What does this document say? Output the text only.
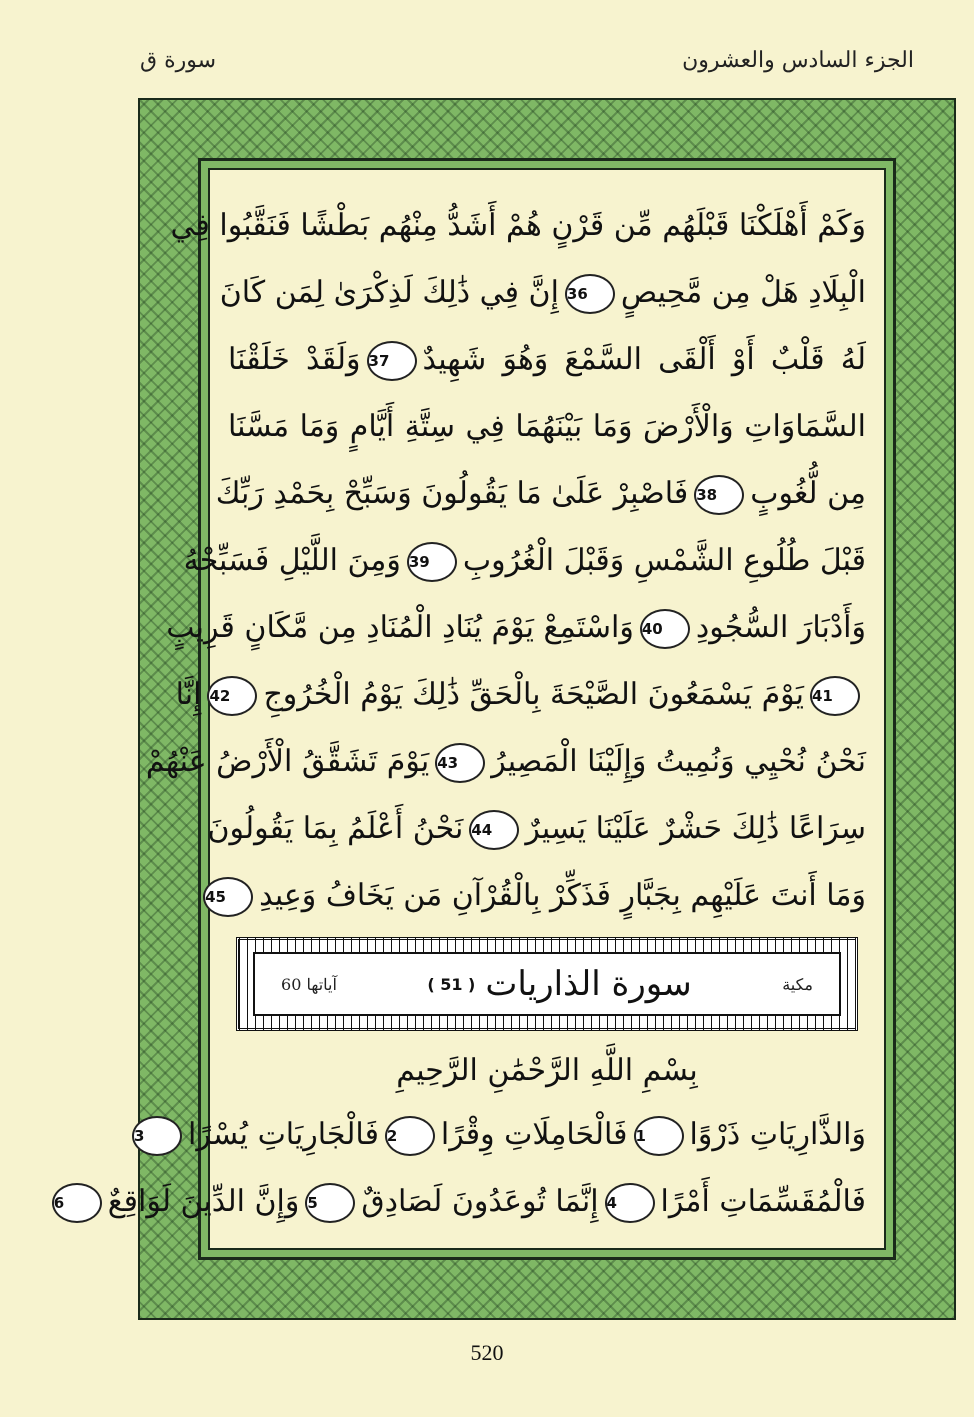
الجزء السادس والعشرون
سورة ق
وَكَمْ أَهْلَكْنَا قَبْلَهُم مِّن قَرْنٍ هُمْ أَشَدُّ مِنْهُم بَطْشًا فَنَقَّبُوا فِي
الْبِلَادِ هَلْ مِن مَّحِيصٍ36إِنَّ فِي ذَٰلِكَ لَذِكْرَىٰ لِمَن كَانَ
لَهُ قَلْبٌ أَوْ أَلْقَى السَّمْعَ وَهُوَ شَهِيدٌ37وَلَقَدْ خَلَقْنَا
السَّمَاوَاتِ وَالْأَرْضَ وَمَا بَيْنَهُمَا فِي سِتَّةِ أَيَّامٍ وَمَا مَسَّنَا
مِن لُّغُوبٍ38فَاصْبِرْ عَلَىٰ مَا يَقُولُونَ وَسَبِّحْ بِحَمْدِ رَبِّكَ
قَبْلَ طُلُوعِ الشَّمْسِ وَقَبْلَ الْغُرُوبِ39وَمِنَ اللَّيْلِ فَسَبِّحْهُ
وَأَدْبَارَ السُّجُودِ40وَاسْتَمِعْ يَوْمَ يُنَادِ الْمُنَادِ مِن مَّكَانٍ قَرِيبٍ
41يَوْمَ يَسْمَعُونَ الصَّيْحَةَ بِالْحَقِّ ذَٰلِكَ يَوْمُ الْخُرُوجِ42إِنَّا
نَحْنُ نُحْيِي وَنُمِيتُ وَإِلَيْنَا الْمَصِيرُ43يَوْمَ تَشَقَّقُ الْأَرْضُ عَنْهُمْ
سِرَاعًا ذَٰلِكَ حَشْرٌ عَلَيْنَا يَسِيرٌ44نَحْنُ أَعْلَمُ بِمَا يَقُولُونَ
وَمَا أَنتَ عَلَيْهِم بِجَبَّارٍ فَذَكِّرْ بِالْقُرْآنِ مَن يَخَافُ وَعِيدِ45
مكية
سورة الذاريات
( 51 )
آياتها 60
بِسْمِ اللَّهِ الرَّحْمَٰنِ الرَّحِيمِ
وَالذَّارِيَاتِ ذَرْوًا1فَالْحَامِلَاتِ وِقْرًا2فَالْجَارِيَاتِ يُسْرًا3
فَالْمُقَسِّمَاتِ أَمْرًا4إِنَّمَا تُوعَدُونَ لَصَادِقٌ5وَإِنَّ الدِّينَ لَوَاقِعٌ6
520
